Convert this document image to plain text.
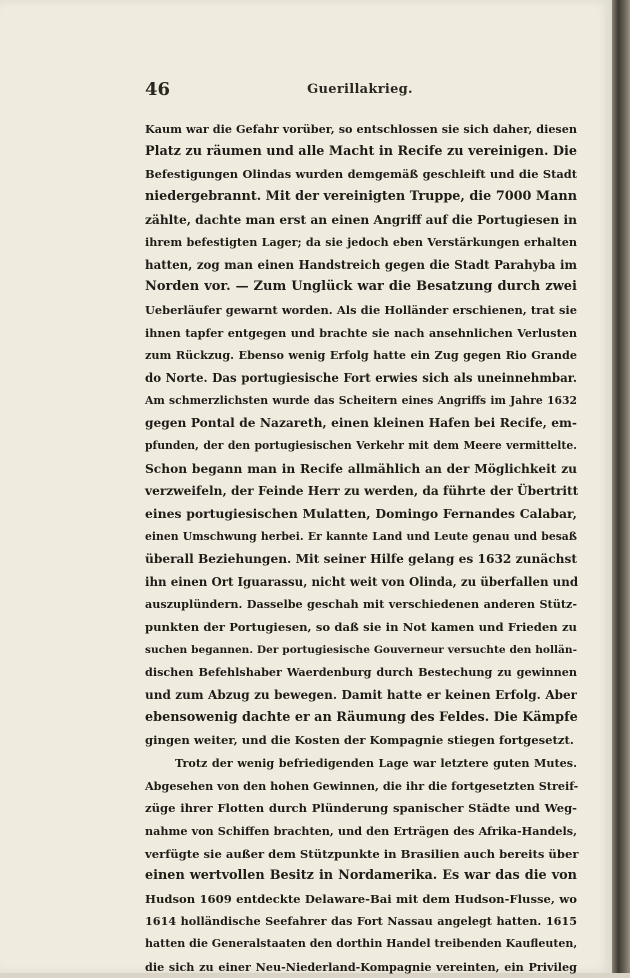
46	Guerillakrieg.
Kaum war die Gefahr vorüber, so entschlossen sie sich daher, diesen
Platz zu räumen und alle Macht in Recife zu vereinigen. Die
Befestigungen Olindas wurden demgemäß geschleift und die Stadt
niedergebrannt. Mit der vereinigten Truppe, die 7000 Mann
zählte, dachte man erst an einen Angriff auf die Portugiesen in
ihrem befestigten Lager; da sie jedoch eben Verstärkungen erhalten
hatten, zog man einen Handstreich gegen die Stadt Parahyba im
Norden vor. — Zum Unglück war die Besatzung durch zwei
Ueberläufer gewarnt worden. Als die Holländer erschienen, trat sie
ihnen tapfer entgegen und brachte sie nach ansehnlichen Verlusten
zum Rückzug. Ebenso wenig Erfolg hatte ein Zug gegen Rio Grande
do Norte. Das portugiesische Fort erwies sich als uneinnehmbar.
Am schmerzlichsten wurde das Scheitern eines Angriffs im Jahre 1632
gegen Pontal de Nazareth, einen kleinen Hafen bei Recife, em-
pfunden, der den portugiesischen Verkehr mit dem Meere vermittelte.
Schon begann man in Recife allmählich an der Möglichkeit zu
verzweifeln, der Feinde Herr zu werden, da führte der Übertritt
eines portugiesischen Mulatten, Domingo Fernandes Calabar,
einen Umschwung herbei. Er kannte Land und Leute genau und besaß
überall Beziehungen. Mit seiner Hilfe gelang es 1632 zunächst
ihn einen Ort Iguarassu, nicht weit von Olinda, zu überfallen und
auszuplündern. Dasselbe geschah mit verschiedenen anderen Stütz-
punkten der Portugiesen, so daß sie in Not kamen und Frieden zu
suchen begannen. Der portugiesische Gouverneur versuchte den hollän-
dischen Befehlshaber Waerdenburg durch Bestechung zu gewinnen
und zum Abzug zu bewegen. Damit hatte er keinen Erfolg. Aber
ebensowenig dachte er an Räumung des Feldes. Die Kämpfe
gingen weiter, und die Kosten der Kompagnie stiegen fortgesetzt.
Trotz der wenig befriedigenden Lage war letztere guten Mutes.
Abgesehen von den hohen Gewinnen, die ihr die fortgesetzten Streif-
züge ihrer Flotten durch Plünderung spanischer Städte und Weg-
nahme von Schiffen brachten, und den Erträgen des Afrika-Handels,
verfügte sie außer dem Stützpunkte in Brasilien auch bereits über
einen wertvollen Besitz in Nordamerika. Es war das die von
Hudson 1609 entdeckte Delaware-Bai mit dem Hudson-Flusse, wo
1614 holländische Seefahrer das Fort Nassau angelegt hatten. 1615
hatten die Generalstaaten den dorthin Handel treibenden Kaufleuten,
die sich zu einer Neu-Niederland-Kompagnie vereinten, ein Privileg
